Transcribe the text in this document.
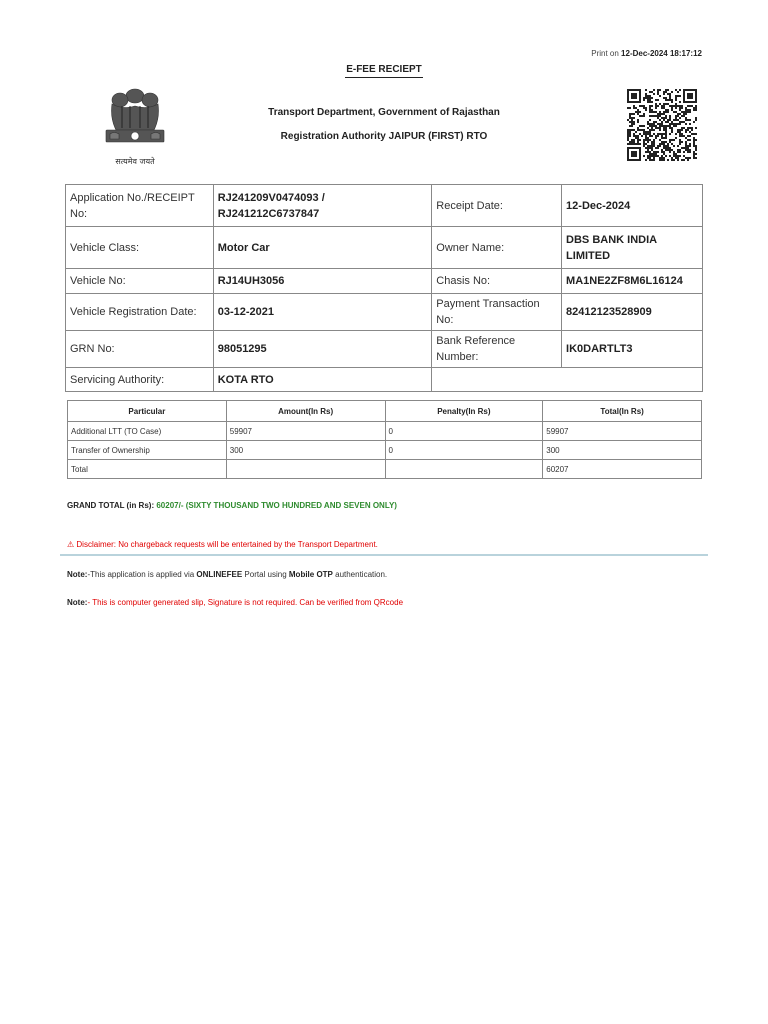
Print on 12-Dec-2024 18:17:12
E-FEE RECIEPT
सत्यमेव जयते
Transport Department, Government of Rajasthan
Registration Authority JAIPUR (FIRST) RTO
Application No./RECEIPT No:	RJ241209V0474093 /
RJ241212C6737847	Receipt Date:	12-Dec-2024
Vehicle Class:	Motor Car	Owner Name:	DBS BANK INDIA
LIMITED

Vehicle No:	RJ14UH3056	Chasis No:	MA1NE2ZF8M6L16124
Vehicle Registration Date:	03-12-2021	Payment Transaction No:	82412123528909
GRN No:	98051295	Bank Reference Number:	IK0DARTLT3
Servicing Authority:	KOTA RTO		
Particular	Amount(In Rs)	Penalty(In Rs)	Total(In Rs)
Additional LTT (TO Case)	59907	0	59907
Transfer of Ownership	300	0	300
Total			60207
GRAND TOTAL (in Rs): 60207/- (SIXTY THOUSAND TWO HUNDRED AND SEVEN ONLY)
⚠ Disclaimer: No chargeback requests will be entertained by the Transport Department.
Note:-This application is applied via ONLINEFEE Portal using Mobile OTP authentication.
Note:- This is computer generated slip, Signature is not required. Can be verified from QRcode
